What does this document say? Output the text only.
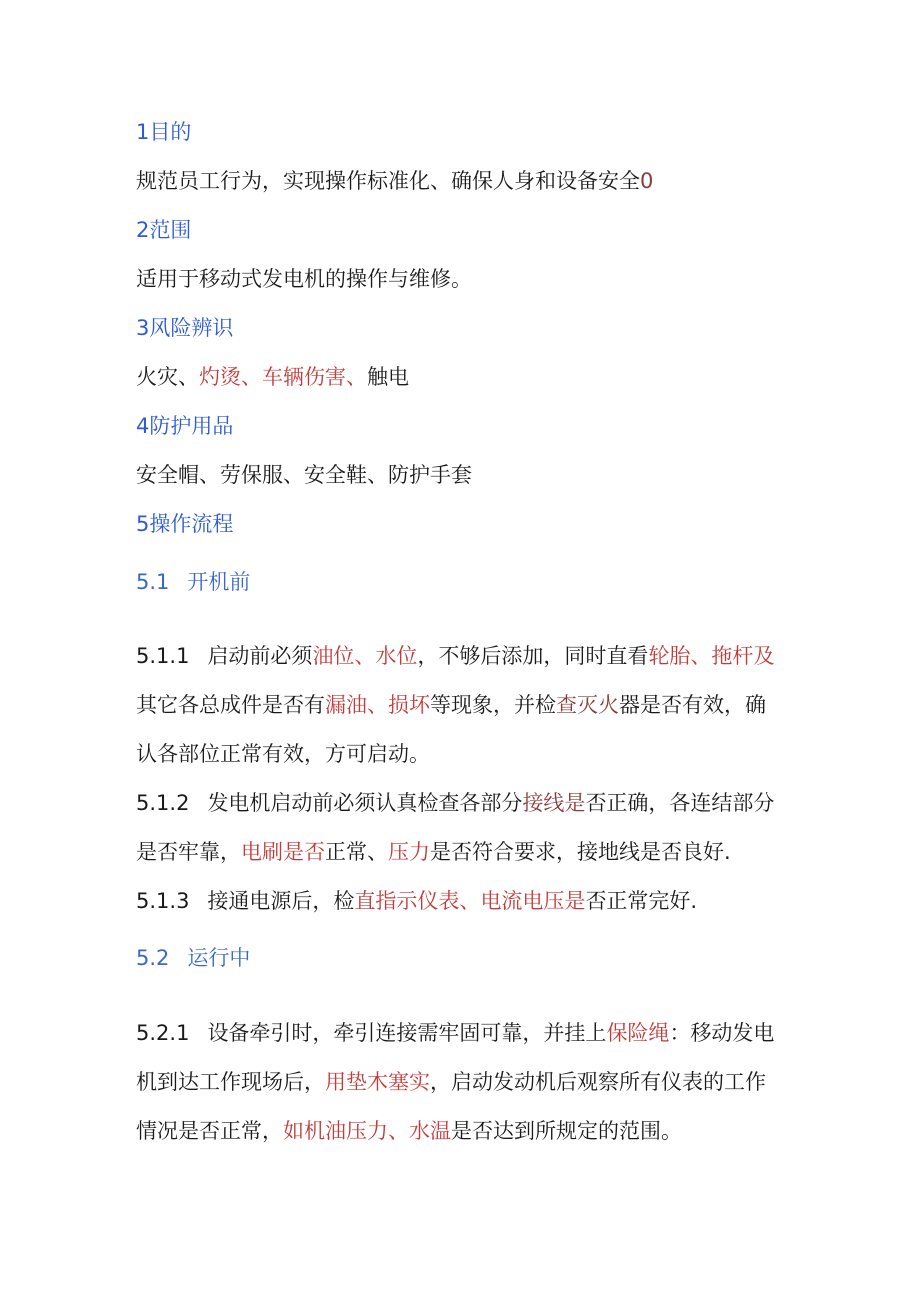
1目的
规范员工行为，实现操作标准化、确保人身和设备安全0
2范围
适用于移动式发电机的操作与维修。
3风险辨识
火灾、灼烫、车辆伤害、触电
4防护用品
安全帽、劳保服、安全鞋、防护手套
5操作流程
5.1 开机前
5.1.1 启动前必须油位、水位，不够后添加，同时直看轮胎、拖杆及
其它各总成件是否有漏油、损坏等现象，并检查灭火器是否有效，确
认各部位正常有效，方可启动。
5.1.2 发电机启动前必须认真检查各部分接线是否正确，各连结部分
是否牢靠，电刷是否正常、压力是否符合要求，接地线是否良好.
5.1.3 接通电源后，检直指示仪表、电流电压是否正常完好.
5.2 运行中
5.2.1 设备牵引时，牵引连接需牢固可靠，并挂上保险绳：移动发电
机到达工作现场后，用垫木塞实，启动发动机后观察所有仪表的工作
情况是否正常，如机油压力、水温是否达到所规定的范围。
